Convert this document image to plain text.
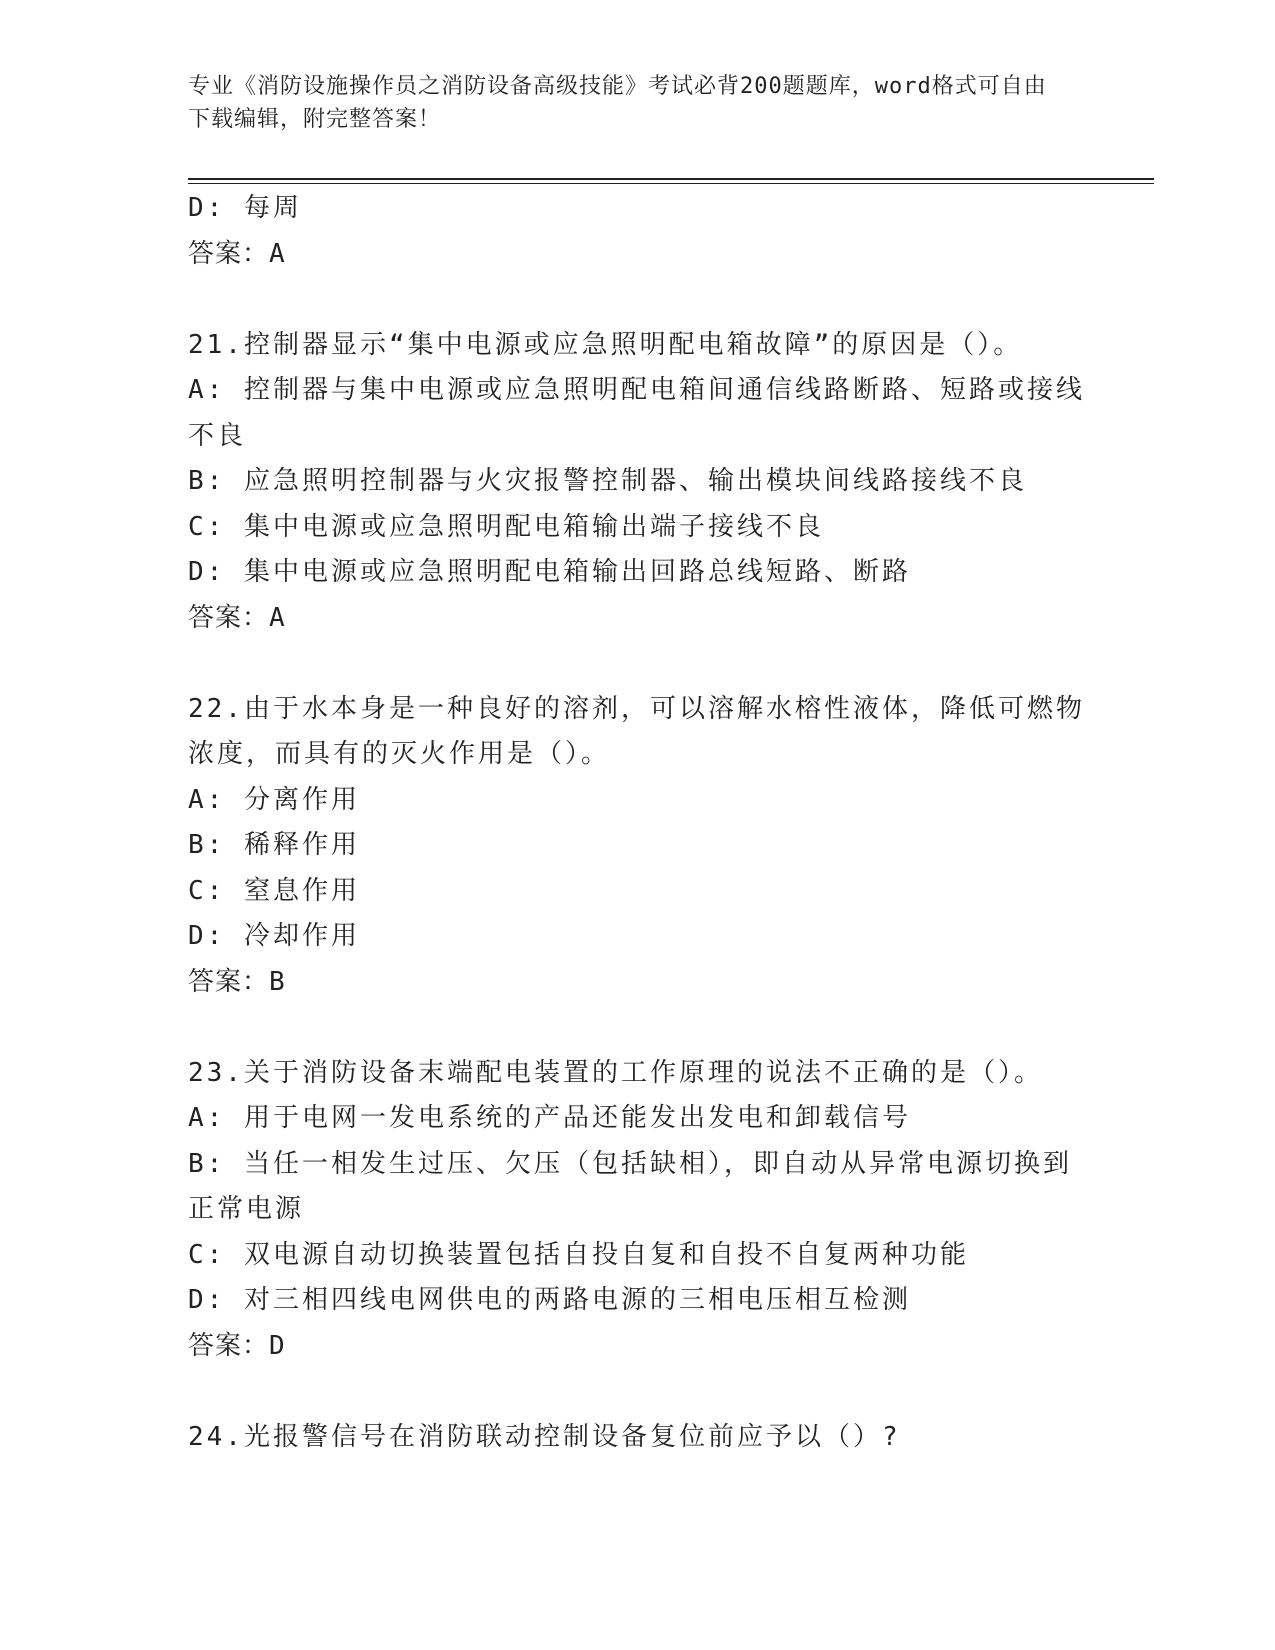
专业《消防设施操作员之消防设备高级技能》考试必背200题题库，word格式可自由下载编辑，附完整答案！
D: 每周
答案：A
21.控制器显示“集中电源或应急照明配电箱故障”的原因是（）。
A: 控制器与集中电源或应急照明配电箱间通信线路断路、短路或接线不良
B: 应急照明控制器与火灾报警控制器、输出模块间线路接线不良
C: 集中电源或应急照明配电箱输出端子接线不良
D: 集中电源或应急照明配电箱输出回路总线短路、断路
答案：A
22.由于水本身是一种良好的溶剂，可以溶解水榕性液体，降低可燃物浓度，而具有的灭火作用是（）。
A: 分离作用
B: 稀释作用
C: 窒息作用
D: 冷却作用
答案：B
23.关于消防设备末端配电装置的工作原理的说法不正确的是（）。
A: 用于电网一发电系统的产品还能发出发电和卸载信号
B: 当任一相发生过压、欠压（包括缺相），即自动从异常电源切换到正常电源
C: 双电源自动切换装置包括自投自复和自投不自复两种功能
D: 对三相四线电网供电的两路电源的三相电压相互检测
答案：D
24.光报警信号在消防联动控制设备复位前应予以（）?
